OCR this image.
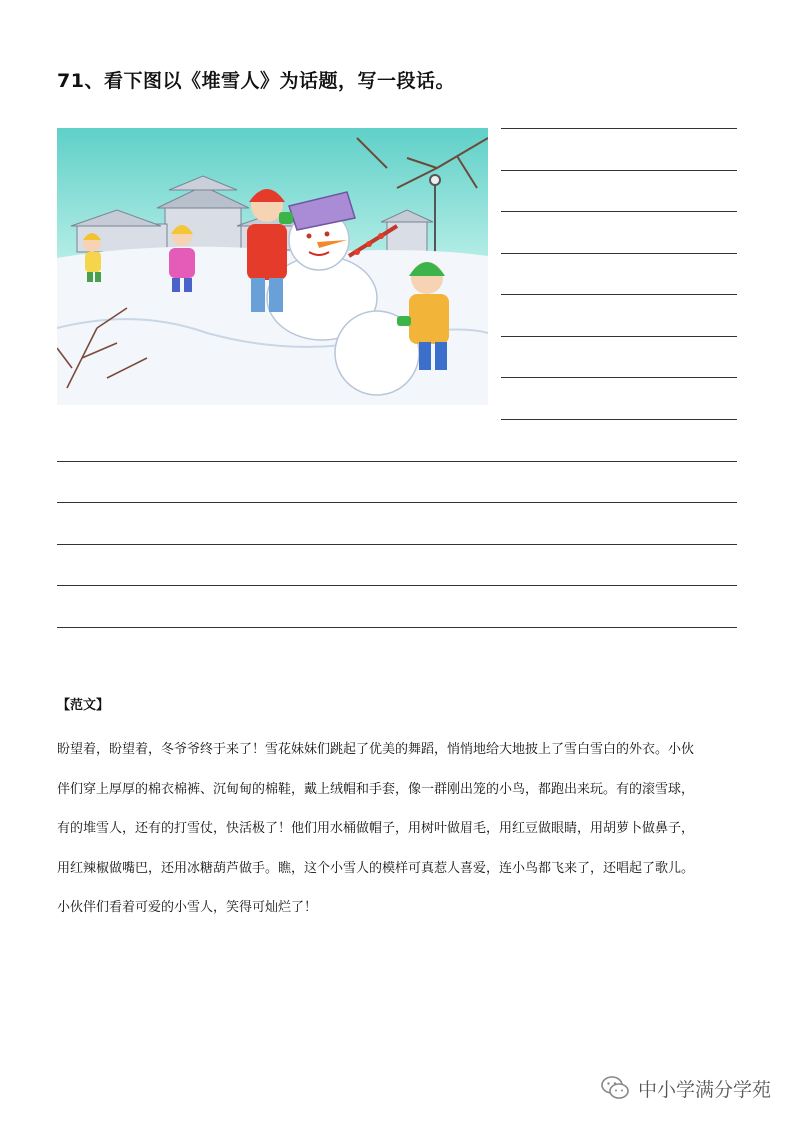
71、看下图以《堆雪人》为话题，写一段话。
【范文】

盼望着，盼望着，冬爷爷终于来了！雪花妹妹们跳起了优美的舞蹈，悄悄地给大地披上了雪白雪白的外衣。小伙
伴们穿上厚厚的棉衣棉裤、沉甸甸的棉鞋，戴上绒帽和手套，像一群刚出笼的小鸟，都跑出来玩。有的滚雪球，
有的堆雪人，还有的打雪仗，快活极了！他们用水桶做帽子，用树叶做眉毛，用红豆做眼睛，用胡萝卜做鼻子，
用红辣椒做嘴巴，还用冰糖葫芦做手。瞧，这个小雪人的模样可真惹人喜爱，连小鸟都飞来了，还唱起了歌儿。
小伙伴们看着可爱的小雪人，笑得可灿烂了！

中小学满分学苑
